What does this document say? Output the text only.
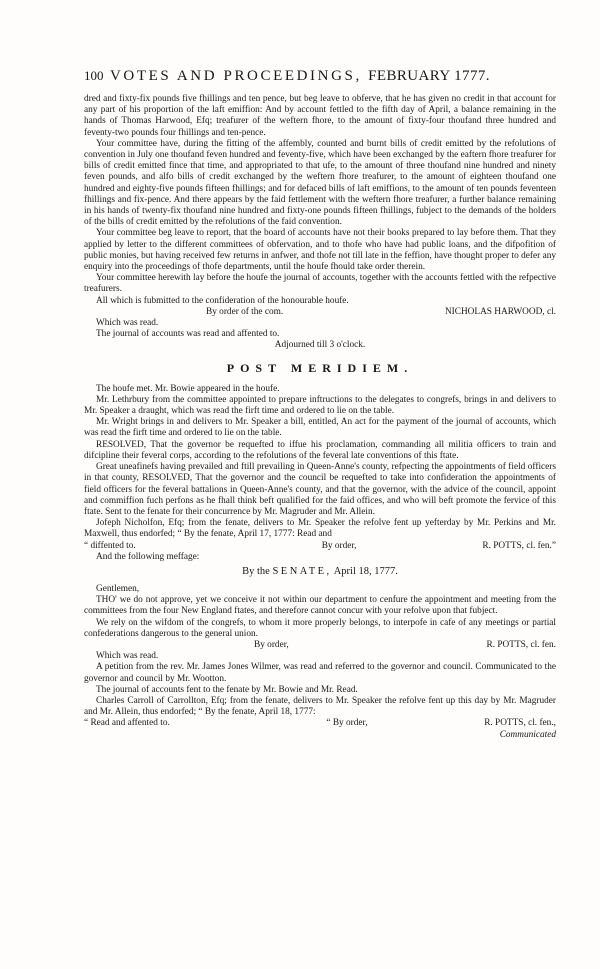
100 VOTES AND PROCEEDINGS, FEBRUARY 1777.

dred and fixty-fix pounds five fhillings and ten pence, but beg leave to obferve, that he has given no credit in that account for any part of his proportion of the laft emiffion: And by account fettled to the fifth day of April, a balance remaining in the hands of Thomas Harwood, Efq; treafurer of the weftern fhore, to the amount of fixty-four thoufand three hundred and feventy-two pounds four fhillings and ten-pence.

Your committee have, during the fitting of the affembly, counted and burnt bills of credit emitted by the refolutions of convention in July one thoufand feven hundred and feventy-five, which have been exchanged by the eaftern fhore treafurer for bills of credit emitted fince that time, and appropriated to that ufe, to the amount of three thoufand nine hundred and ninety feven pounds, and alfo bills of credit exchanged by the weftern fhore treafurer, to the amount of eighteen thoufand one hundred and eighty-five pounds fifteen fhillings; and for defaced bills of laft emiffions, to the amount of ten pounds feventeen fhillings and fix-pence. And there appears by the faid fettlement with the weftern fhore treafurer, a further balance remaining in his hands of twenty-fix thoufand nine hundred and fixty-one pounds fifteen fhillings, fubject to the demands of the holders of the bills of credit emitted by the refolutions of the faid convention.

Your committee beg leave to report, that the board of accounts have not their books prepared to lay before them. That they applied by letter to the different committees of obfervation, and to thofe who have had public loans, and the difpofition of public monies, but having received few returns in anfwer, and thofe not till late in the feffion, have thought proper to defer any enquiry into the proceedings of thofe departments, until the houfe fhould take order therein.

Your committee herewith lay before the houfe the journal of accounts, together with the accounts fettled with the refpective treafurers.

All which is fubmitted to the confideration of the honourable houfe.

By order of the com.	NICHOLAS HARWOOD, cl.

Which was read.

The journal of accounts was read and affented to.

Adjourned till 3 o'clock.

POST MERIDIEM.

The houfe met. Mr. Bowie appeared in the houfe.

Mr. Lethrbury from the committee appointed to prepare inftructions to the delegates to congrefs, brings in and delivers to Mr. Speaker a draught, which was read the firft time and ordered to lie on the table.

Mr. Wright brings in and delivers to Mr. Speaker a bill, entitled, An act for the payment of the journal of accounts, which was read the firft time and ordered to lie on the table.

RESOLVED, That the governor be requefted to iffue his proclamation, commanding all militia officers to train and difcipline their feveral corps, according to the refolutions of the feveral late conventions of this ftate.

Great uneafinefs having prevailed and ftill prevailing in Queen-Anne's county, refpecting the appointments of field officers in that county, RESOLVED, That the governor and the council be requefted to take into confideration the appointments of field officers for the feveral battalions in Queen-Anne's county, and that the governor, with the advice of the council, appoint and commiffion fuch perfons as he fhall think beft qualified for the faid offices, and who will beft promote the fervice of this ftate. Sent to the fenate for their concurrence by Mr. Magruder and Mr. Allein.

Jofeph Nicholfon, Efq; from the fenate, delivers to Mr. Speaker the refolve fent up yefterday by Mr. Perkins and Mr. Maxwell, thus endorfed; “ By the fenate, April 17, 1777: Read and

“ diffented to.	By order,	R. POTTS, cl. fen.”

And the following meffage:

By the SENATE, April 18, 1777.

Gentlemen,

THO' we do not approve, yet we conceive it not within our department to cenfure the appointment and meeting from the committees from the four New England ftates, and therefore cannot concur with your refolve upon that fubject.

We rely on the wifdom of the congrefs, to whom it more properly belongs, to interpofe in cafe of any meetings or partial confederations dangerous to the general union.

By order,	R. POTTS, cl. fen.

Which was read.

A petition from the rev. Mr. James Jones Wilmer, was read and referred to the governor and council. Communicated to the governor and council by Mr. Wootton.

The journal of accounts fent to the fenate by Mr. Bowie and Mr. Read.

Charles Carroll of Carrollton, Efq; from the fenate, delivers to Mr. Speaker the refolve fent up this day by Mr. Magruder and Mr. Allein, thus endorfed; “ By the fenate, April 18, 1777:

“ Read and affented to.	“ By order,	R. POTTS, cl. fen.,
Communicated
